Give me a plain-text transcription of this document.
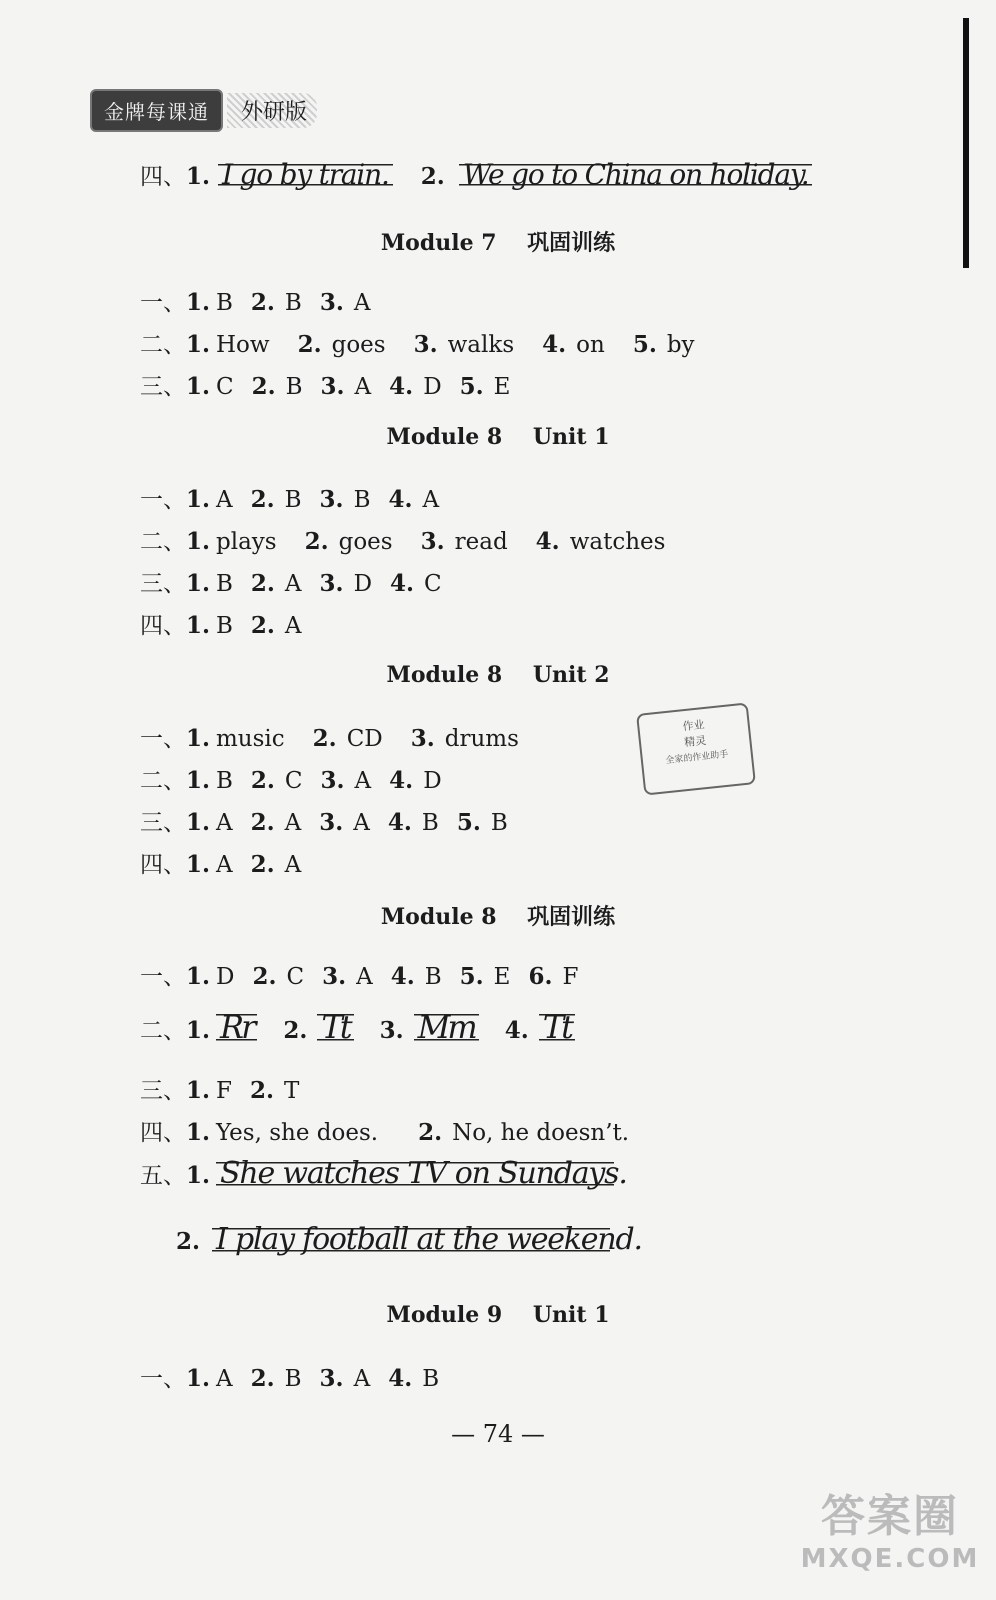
金牌每课通	外研版
四、1. I go by train. 2. We go to China on holiday.
Module 7    巩固训练
一、1. B 2. B 3. A
二、1. How 2. goes 3. walks 4. on 5. by
三、1. C 2. B 3. A 4. D 5. E
Module 8    Unit 1
一、1. A 2. B 3. B 4. A
二、1. plays 2. goes 3. read 4. watches
三、1. B 2. A 3. D 4. C
四、1. B 2. A
Module 8    Unit 2
一、1. music 2. CD 3. drums
二、1. B 2. C 3. A 4. D
三、1. A 2. A 3. A 4. B 5. B
四、1. A 2. A
作业
精灵
全家的作业助手
Module 8    巩固训练
一、1. D 2. C 3. A 4. B 5. E 6. F
二、1. Rr 2. Tt 3. Mm 4. Tt
三、1. F 2. T
四、1. Yes, she does. 2. No, he doesn’t.
五、1. She watches TV on Sundays.
2. I play football at the weekend.
Module 9    Unit 1
一、1. A 2. B 3. A 4. B
— 74 —
答案圈
MXQE.COM
